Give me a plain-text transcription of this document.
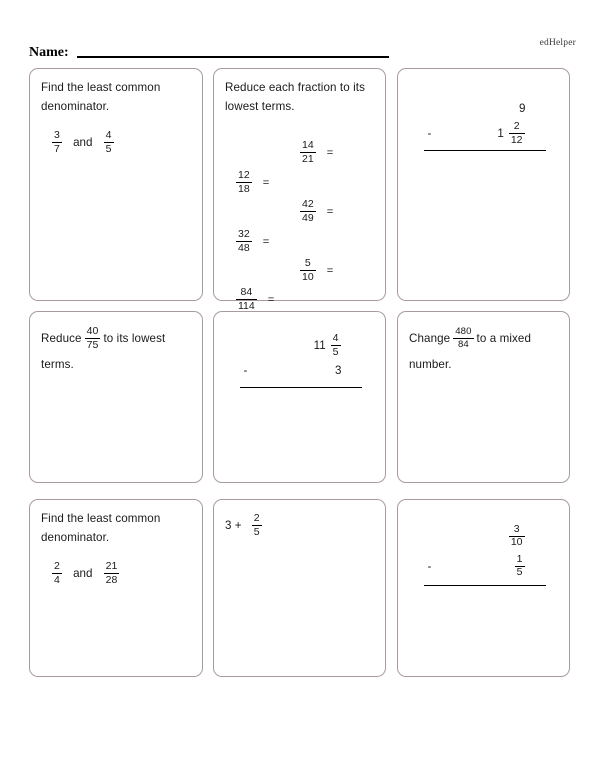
edHelper
Name:
Find the least common
denominator.
$\frac{3}{7}$ and $\frac{4}{5}$
Reduce each fraction to its
lowest terms.
$\frac{14}{21}$ =
$\frac{12}{18}$ =
$\frac{42}{49}$ =
$\frac{32}{48}$ =
$\frac{5}{10}$ =
$\frac{84}{114}$ =
9
-	$1 \frac{2}{12}$
Reduce $\frac{40}{75}$ to its lowest
terms.
$11 \frac{4}{5}$
-	3
Change $\frac{480}{84}$ to a mixed
number.
Find the least common
denominator.
$\frac{2}{4}$ and $\frac{21}{28}$
$3 + \frac{2}{5}$	$\frac{3}{10}$
-	$\frac{1}{5}$
